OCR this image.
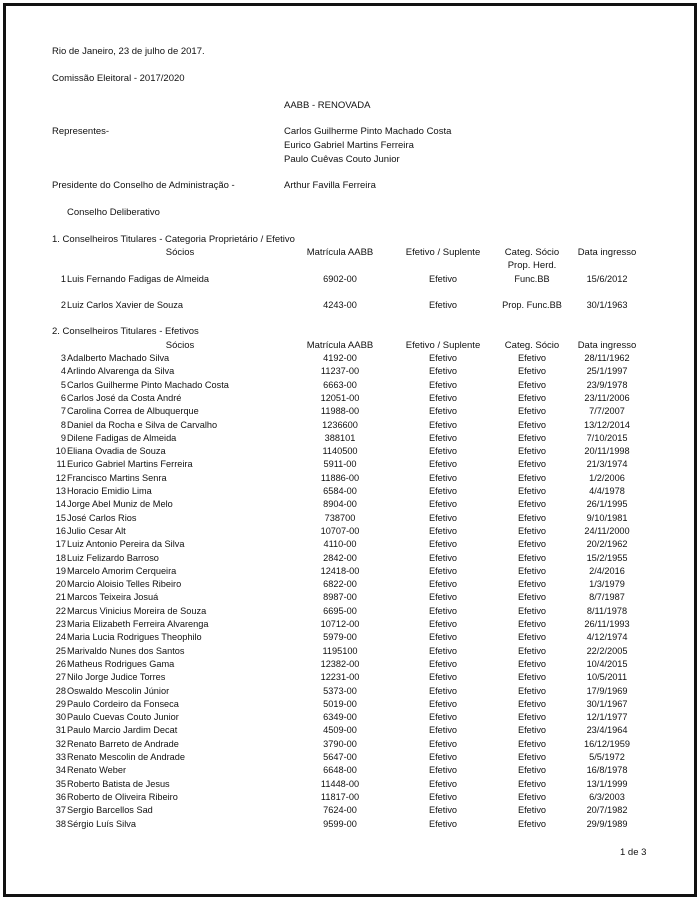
Rio de Janeiro, 23 de julho de 2017.
Comissão Eleitoral - 2017/2020
AABB - RENOVADA
Representes-	Carlos Guilherme Pinto Machado Costa
Eurico Gabriel Martins Ferreira
Paulo Cuêvas Couto Junior
Presidente do Conselho de Administração -	Arthur Favilla Ferreira
Conselho Deliberativo
1. Conselheiros Titulares - Categoria Proprietário / Efetivo
Sócios	Matrícula AABB	Efetivo / Suplente	Categ. Sócio	Data ingresso
Prop. Herd.
1 Luis Fernando Fadigas de Almeida	6902-00	Efetivo	Func.BB	15/6/2012
2 Luiz Carlos Xavier de Souza	4243-00	Efetivo	Prop. Func.BB	30/1/1963
2. Conselheiros Titulares - Efetivos
Sócios	Matrícula AABB	Efetivo / Suplente	Categ. Sócio	Data ingresso
3 Adalberto Machado Silva	4192-00	Efetivo	Efetivo	28/11/1962
4 Arlindo Alvarenga da Silva	11237-00	Efetivo	Efetivo	25/1/1997
5 Carlos Guilherme Pinto Machado Costa	6663-00	Efetivo	Efetivo	23/9/1978
6 Carlos José da Costa André	12051-00	Efetivo	Efetivo	23/11/2006
7 Carolina Correa de Albuquerque	11988-00	Efetivo	Efetivo	7/7/2007
8 Daniel da Rocha e Silva de Carvalho	1236600	Efetivo	Efetivo	13/12/2014
9 Dilene Fadigas de Almeida	388101	Efetivo	Efetivo	7/10/2015
10 Eliana Ovadia de Souza	1140500	Efetivo	Efetivo	20/11/1998
11 Eurico Gabriel Martins Ferreira	5911-00	Efetivo	Efetivo	21/3/1974
12 Francisco Martins Senra	11886-00	Efetivo	Efetivo	1/2/2006
13 Horacio Emidio Lima	6584-00	Efetivo	Efetivo	4/4/1978
14 Jorge Abel Muniz de Melo	8904-00	Efetivo	Efetivo	26/1/1995
15 José Carlos Rios	738700	Efetivo	Efetivo	9/10/1981
16 Julio Cesar Alt	10707-00	Efetivo	Efetivo	24/11/2000
17 Luiz Antonio Pereira da Silva	4110-00	Efetivo	Efetivo	20/2/1962
18 Luiz Felizardo Barroso	2842-00	Efetivo	Efetivo	15/2/1955
19 Marcelo Amorim Cerqueira	12418-00	Efetivo	Efetivo	2/4/2016
20 Marcio Aloisio Telles Ribeiro	6822-00	Efetivo	Efetivo	1/3/1979
21 Marcos Teixeira Josuá	8987-00	Efetivo	Efetivo	8/7/1987
22 Marcus Vinicius Moreira de Souza	6695-00	Efetivo	Efetivo	8/11/1978
23 Maria Elizabeth Ferreira Alvarenga	10712-00	Efetivo	Efetivo	26/11/1993
24 Maria Lucia Rodrigues Theophilo	5979-00	Efetivo	Efetivo	4/12/1974
25 Marivaldo Nunes dos Santos	1195100	Efetivo	Efetivo	22/2/2005
26 Matheus Rodrigues Gama	12382-00	Efetivo	Efetivo	10/4/2015
27 Nilo Jorge Judice Torres	12231-00	Efetivo	Efetivo	10/5/2011
28 Oswaldo Mescolin Júnior	5373-00	Efetivo	Efetivo	17/9/1969
29 Paulo Cordeiro da Fonseca	5019-00	Efetivo	Efetivo	30/1/1967
30 Paulo Cuevas Couto Junior	6349-00	Efetivo	Efetivo	12/1/1977
31 Paulo Marcio Jardim Decat	4509-00	Efetivo	Efetivo	23/4/1964
32 Renato Barreto de Andrade	3790-00	Efetivo	Efetivo	16/12/1959
33 Renato Mescolin de Andrade	5647-00	Efetivo	Efetivo	5/5/1972
34 Renato Weber	6648-00	Efetivo	Efetivo	16/8/1978
35 Roberto Batista de Jesus	11448-00	Efetivo	Efetivo	13/1/1999
36 Roberto de Oliveira Ribeiro	11817-00	Efetivo	Efetivo	6/3/2003
37 Sergio Barcellos Sad	7624-00	Efetivo	Efetivo	20/7/1982
38 Sérgio Luís Silva	9599-00	Efetivo	Efetivo	29/9/1989
1 de 3
